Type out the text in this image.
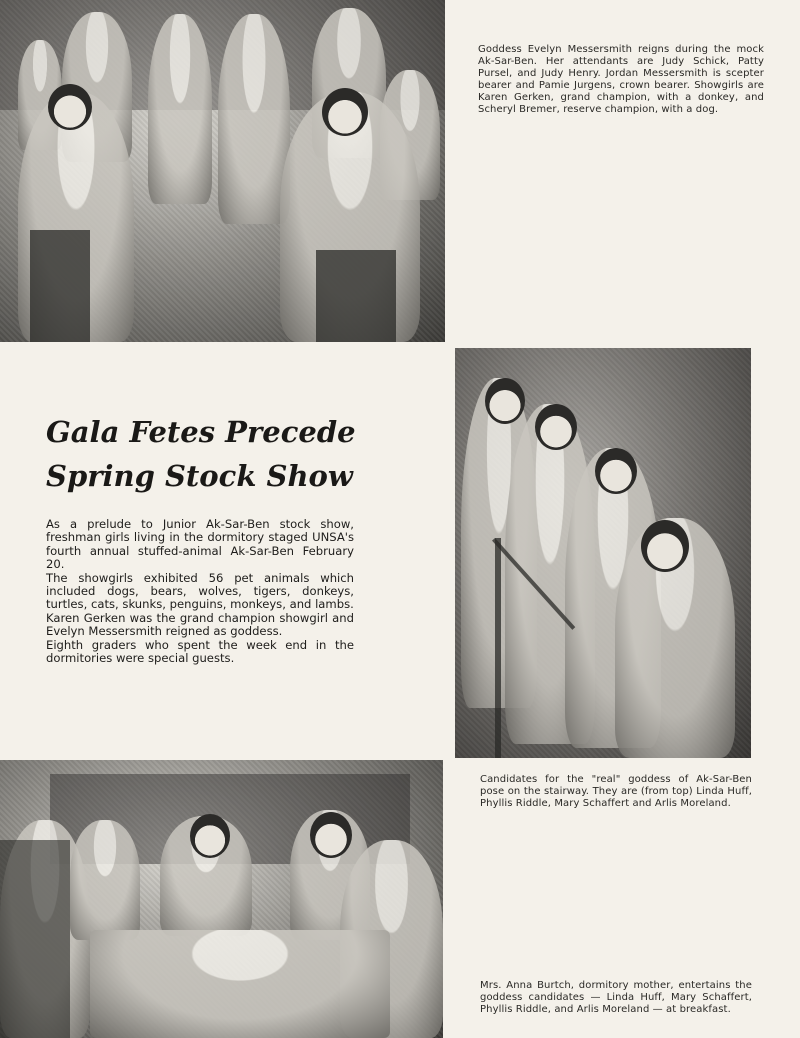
Goddess Evelyn Messersmith reigns during the mock Ak-Sar-Ben. Her attendants are Judy Schick, Patty Pursel, and Judy Henry. Jordan Messersmith is scepter bearer and Pamie Jurgens, crown bearer. Showgirls are Karen Gerken, grand champion, with a donkey, and Scheryl Bremer, reserve champion, with a dog.
Gala Fetes Precede
Spring Stock Show

As a prelude to Junior Ak-Sar-Ben stock show, freshman girls living in the dormitory staged UNSA's fourth annual stuffed-animal Ak-Sar-Ben February 20.

The showgirls exhibited 56 pet animals which included dogs, bears, wolves, tigers, donkeys, turtles, cats, skunks, penguins, monkeys, and lambs.

Karen Gerken was the grand champion showgirl and Evelyn Messersmith reigned as goddess.

Eighth graders who spent the week end in the dormitories were special guests.

Candidates for the "real" goddess of Ak-Sar-Ben pose on the stairway. They are (from top) Linda Huff, Phyllis Riddle, Mary Schaffert and Arlis Moreland.
Mrs. Anna Burtch, dormitory mother, entertains the goddess candidates — Linda Huff, Mary Schaffert, Phyllis Riddle, and Arlis Moreland — at breakfast.
